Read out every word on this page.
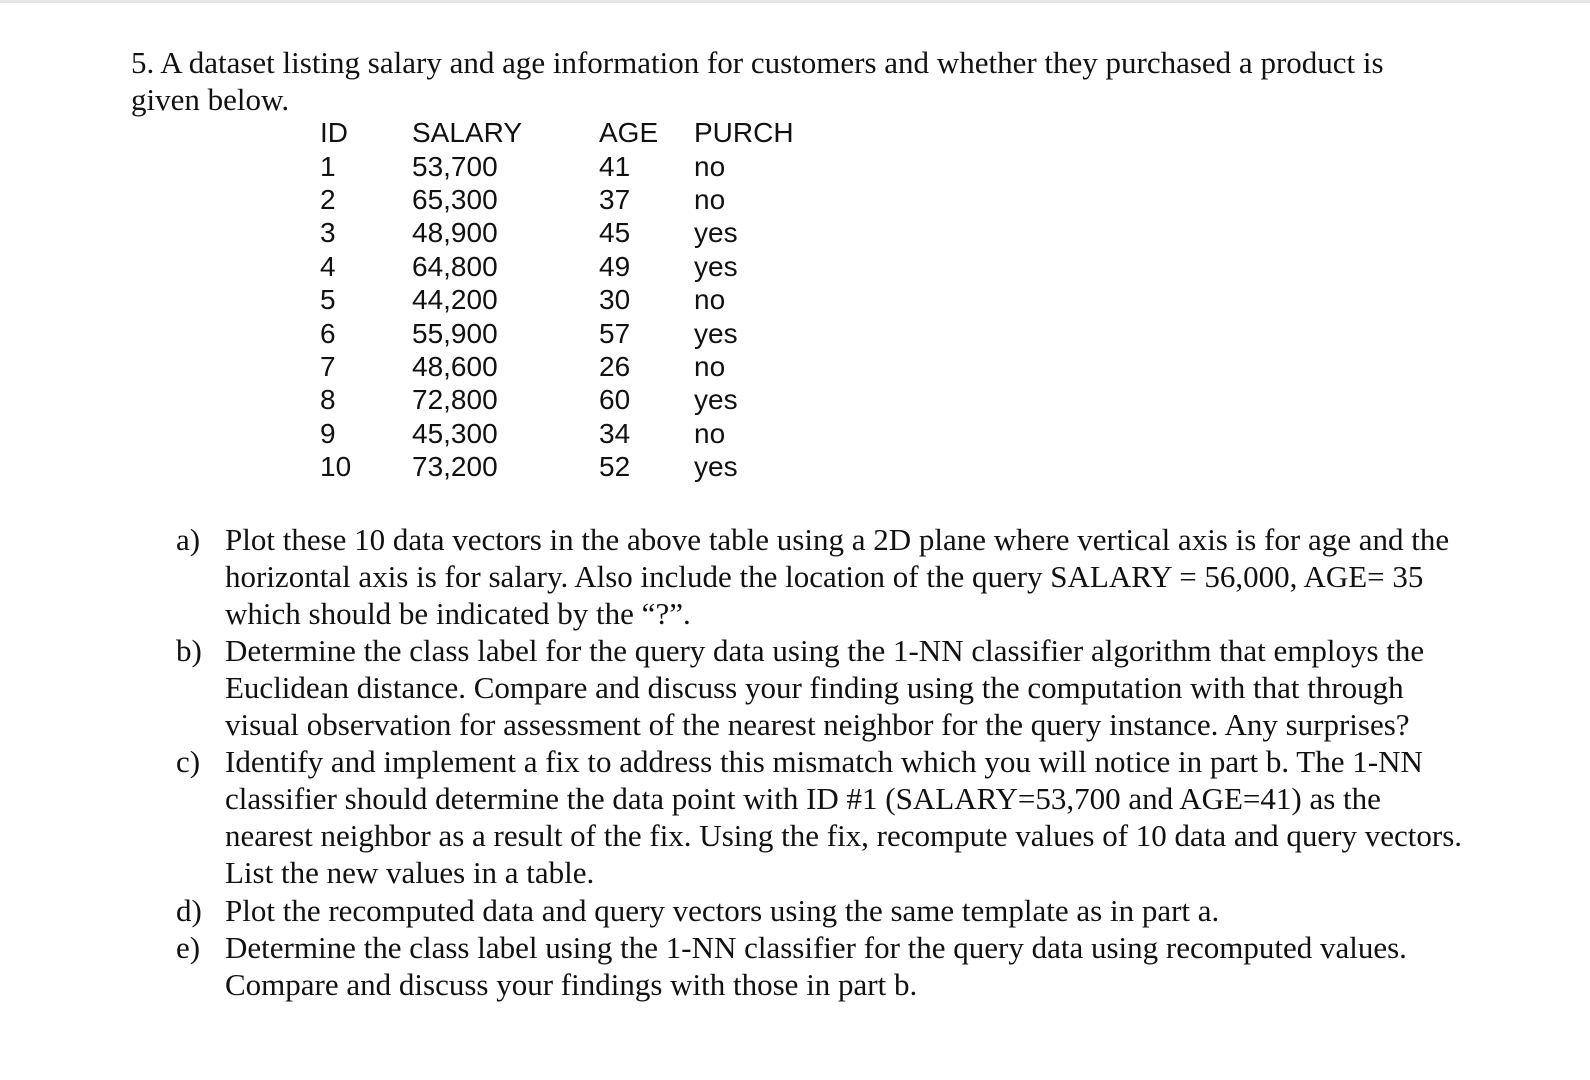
5. A dataset listing salary and age information for customers and whether they purchased a product is given below.
ID	SALARY	AGE	PURCH
1	53,700	41	no
2	65,300	37	no
3	48,900	45	yes
4	64,800	49	yes
5	44,200	30	no
6	55,900	57	yes
7	48,600	26	no
8	72,800	60	yes
9	45,300	34	no
10	73,200	52	yes
a) Plot these 10 data vectors in the above table using a 2D plane where vertical axis is for age and the horizontal axis is for salary. Also include the location of the query SALARY = 56,000, AGE= 35 which should be indicated by the “?”.
b) Determine the class label for the query data using the 1-NN classifier algorithm that employs the Euclidean distance. Compare and discuss your finding using the computation with that through visual observation for assessment of the nearest neighbor for the query instance. Any surprises?
c) Identify and implement a fix to address this mismatch which you will notice in part b. The 1-NN classifier should determine the data point with ID #1 (SALARY=53,700 and AGE=41) as the nearest neighbor as a result of the fix. Using the fix, recompute values of 10 data and query vectors. List the new values in a table.
d) Plot the recomputed data and query vectors using the same template as in part a.
e) Determine the class label using the 1-NN classifier for the query data using recomputed values. Compare and discuss your findings with those in part b.
